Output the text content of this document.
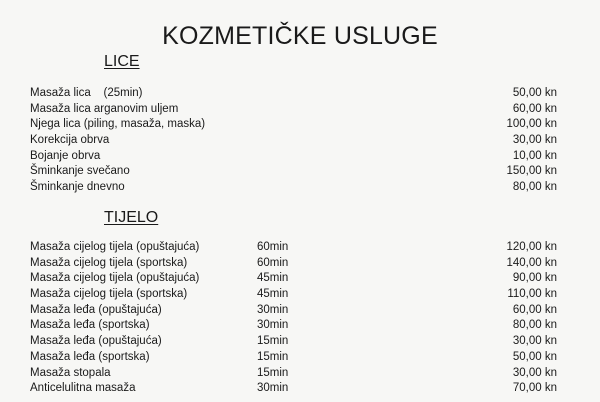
KOZMETIČKE USLUGE
LICE
Masaža lica    (25min)	50,00 kn
Masaža lica arganovim uljem	60,00 kn
Njega lica (piling, masaža, maska)	100,00 kn
Korekcija obrva	30,00 kn
Bojanje obrva	10,00 kn
Šminkanje svečano	150,00 kn
Šminkanje dnevno	80,00 kn
TIJELO
Masaža cijelog tijela (opuštajuća)	60min	120,00 kn
Masaža cijelog tijela (sportska)	60min	140,00 kn
Masaža cijelog tijela (opuštajuća)	45min	90,00 kn
Masaža cijelog tijela (sportska)	45min	110,00 kn
Masaža leđa (opuštajuća)	30min	60,00 kn
Masaža leđa (sportska)	30min	80,00 kn
Masaža leđa (opuštajuća)	15min	30,00 kn
Masaža leđa (sportska)	15min	50,00 kn
Masaža stopala	15min	30,00 kn
Anticelulitna masaža	30min	70,00 kn
